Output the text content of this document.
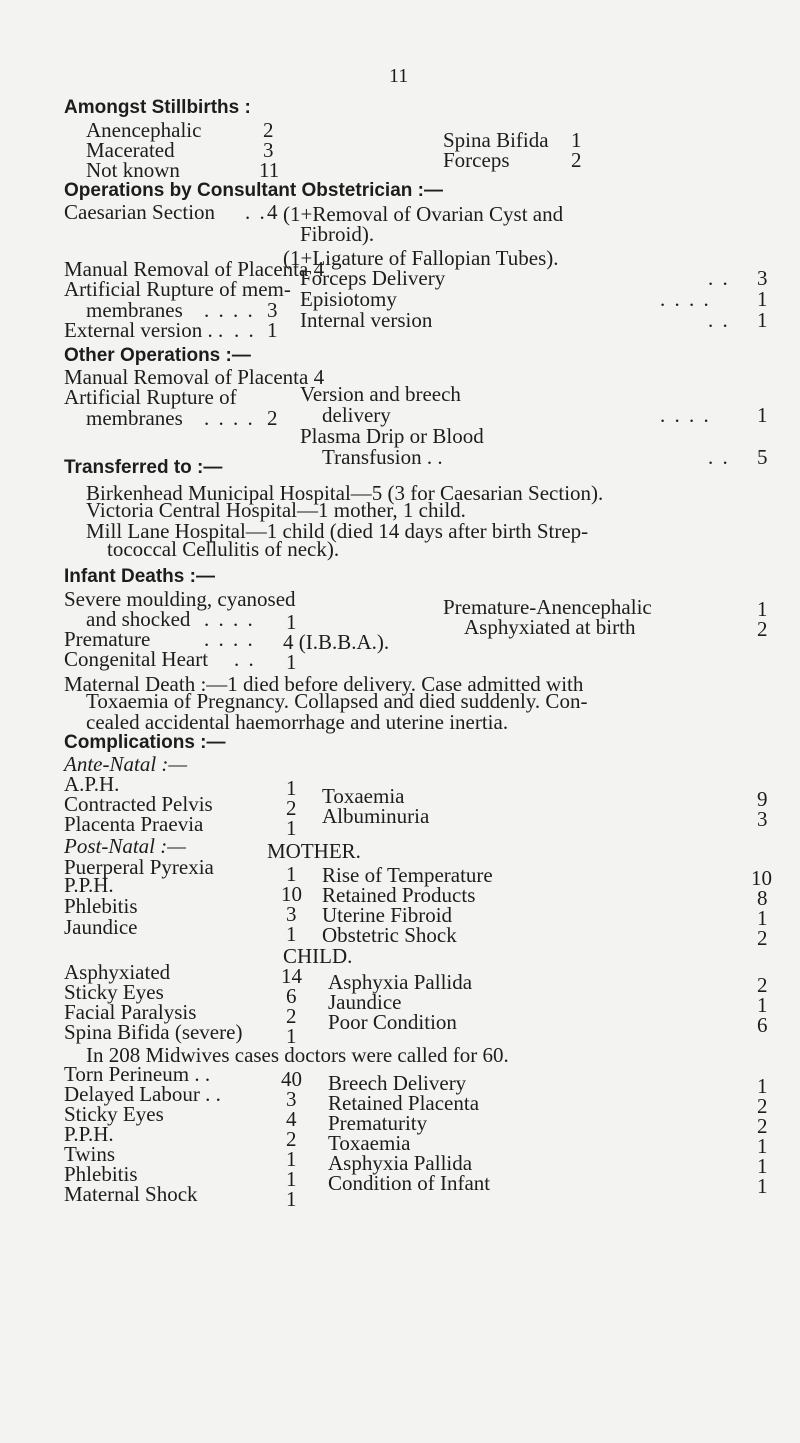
11
Amongst Stillbirths :
Anencephalic	2
Macerated	3
Not known	11
Spina Bifida 1
Forceps	2
Operations by Consultant Obstetrician :—
Caesarian Section . . 4 (1+Removal of Ovarian Cyst and
Fibroid).
(1+Ligature of Fallopian Tubes).
Manual Removal of Placenta 4
Artificial Rupture of mem-
membranes . . . . 3
External version . . . . 1
Forceps Delivery	. . 3
Episiotomy	. . . . 1
Internal version	. . 1
Other Operations :—
Manual Removal of Placenta 4
Artificial Rupture of
membranes . . . . 2
Version and breech
delivery	. . . . 1
Plasma Drip or Blood
Transfusion . .	. . 5
Transferred to :—
Birkenhead Municipal Hospital—5 (3 for Caesarian Section).
Victoria Central Hospital—1 mother, 1 child.
Mill Lane Hospital—1 child (died 14 days after birth Strep-
tococcal Cellulitis of neck).
Infant Deaths :—
Severe moulding, cyanosed
and shocked . . . . 1
Premature	. . . . 4 (I.B.B.A.).
Congenital Heart . . 1
Premature-Anencephalic	1
Asphyxiated at birth	2
Maternal Death :—1 died before delivery. Case admitted with
Toxaemia of Pregnancy. Collapsed and died suddenly. Con-
cealed accidental haemorrhage and uterine inertia.
Complications :—
Ante-Natal :—
A.P.H.	1
Contracted Pelvis	2
Placenta Praevia	1
Toxaemia	9
Albuminuria	3
Post-Natal :—	MOTHER.
Puerperal Pyrexia	1
P.P.H.	10
Phlebitis	3
Jaundice	1
Rise of Temperature	10
Retained Products	8
Uterine Fibroid	1
Obstetric Shock	2
CHILD.
Asphyxiated	14
Sticky Eyes	6
Facial Paralysis	2
Spina Bifida (severe) 1
Asphyxia Pallida	2
Jaundice	1
Poor Condition	6
In 208 Midwives cases doctors were called for 60.
Torn Perineum . .	40
Delayed Labour . .	3
Sticky Eyes	4
P.P.H.	2
Twins	1
Phlebitis	1
Maternal Shock	1
Breech Delivery	1
Retained Placenta	2
Prematurity	2
Toxaemia	1
Asphyxia Pallida	1
Condition of Infant	1
